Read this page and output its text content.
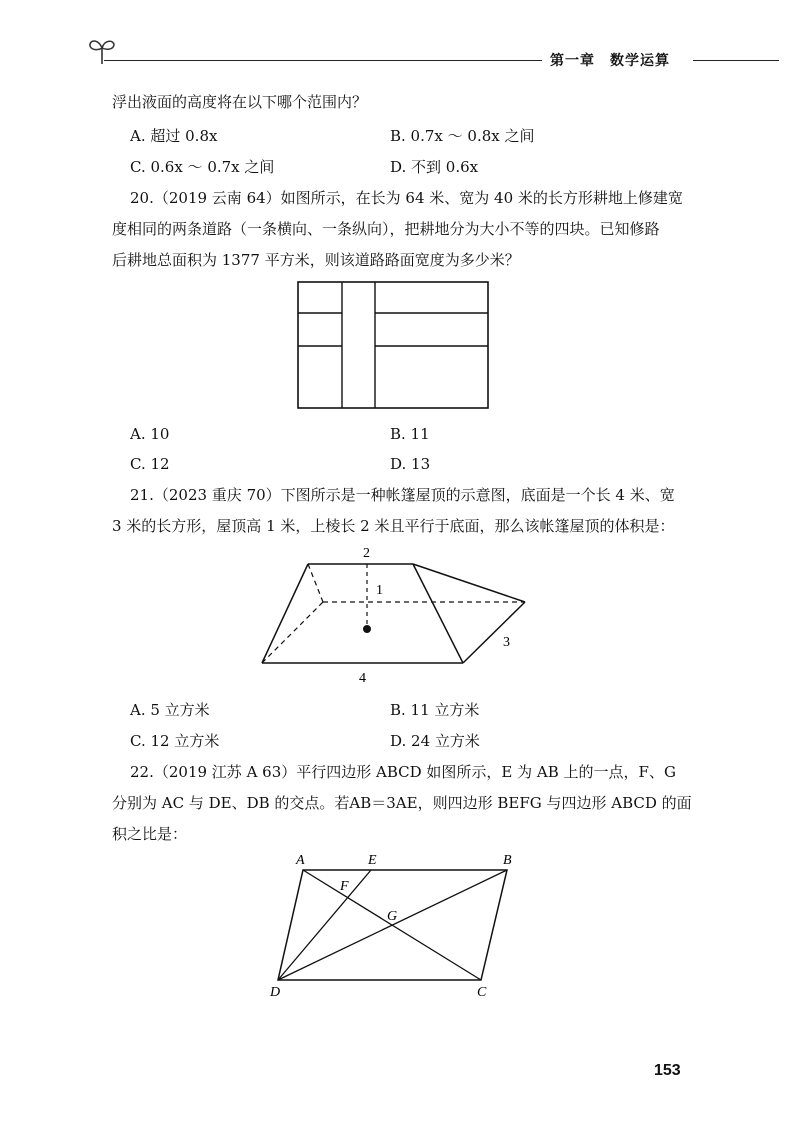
第一章　数学运算
浮出液面的高度将在以下哪个范围内？
A. 超过 0.8x	B. 0.7x ～ 0.8x 之间
C. 0.6x ～ 0.7x 之间	D. 不到 0.6x
20.（2019 云南 64）如图所示，在长为 64 米、宽为 40 米的长方形耕地上修建宽
度相同的两条道路（一条横向、一条纵向），把耕地分为大小不等的四块。已知修路
后耕地总面积为 1377 平方米，则该道路路面宽度为多少米？
A. 10	B. 11
C. 12	D. 13
21.（2023 重庆 70）下图所示是一种帐篷屋顶的示意图，底面是一个长 4 米、宽
3 米的长方形，屋顶高 1 米，上棱长 2 米且平行于底面，那么该帐篷屋顶的体积是：
2
1
3
4
A. 5 立方米	B. 11 立方米
C. 12 立方米	D. 24 立方米
22.（2019 江苏 A 63）平行四边形 ABCD 如图所示，E 为 AB 上的一点，F、G
分别为 AC 与 DE、DB 的交点。若AB＝3AE，则四边形 BEFG 与四边形 ABCD 的面
积之比是：
A	E	B
F
G
D	C
153
